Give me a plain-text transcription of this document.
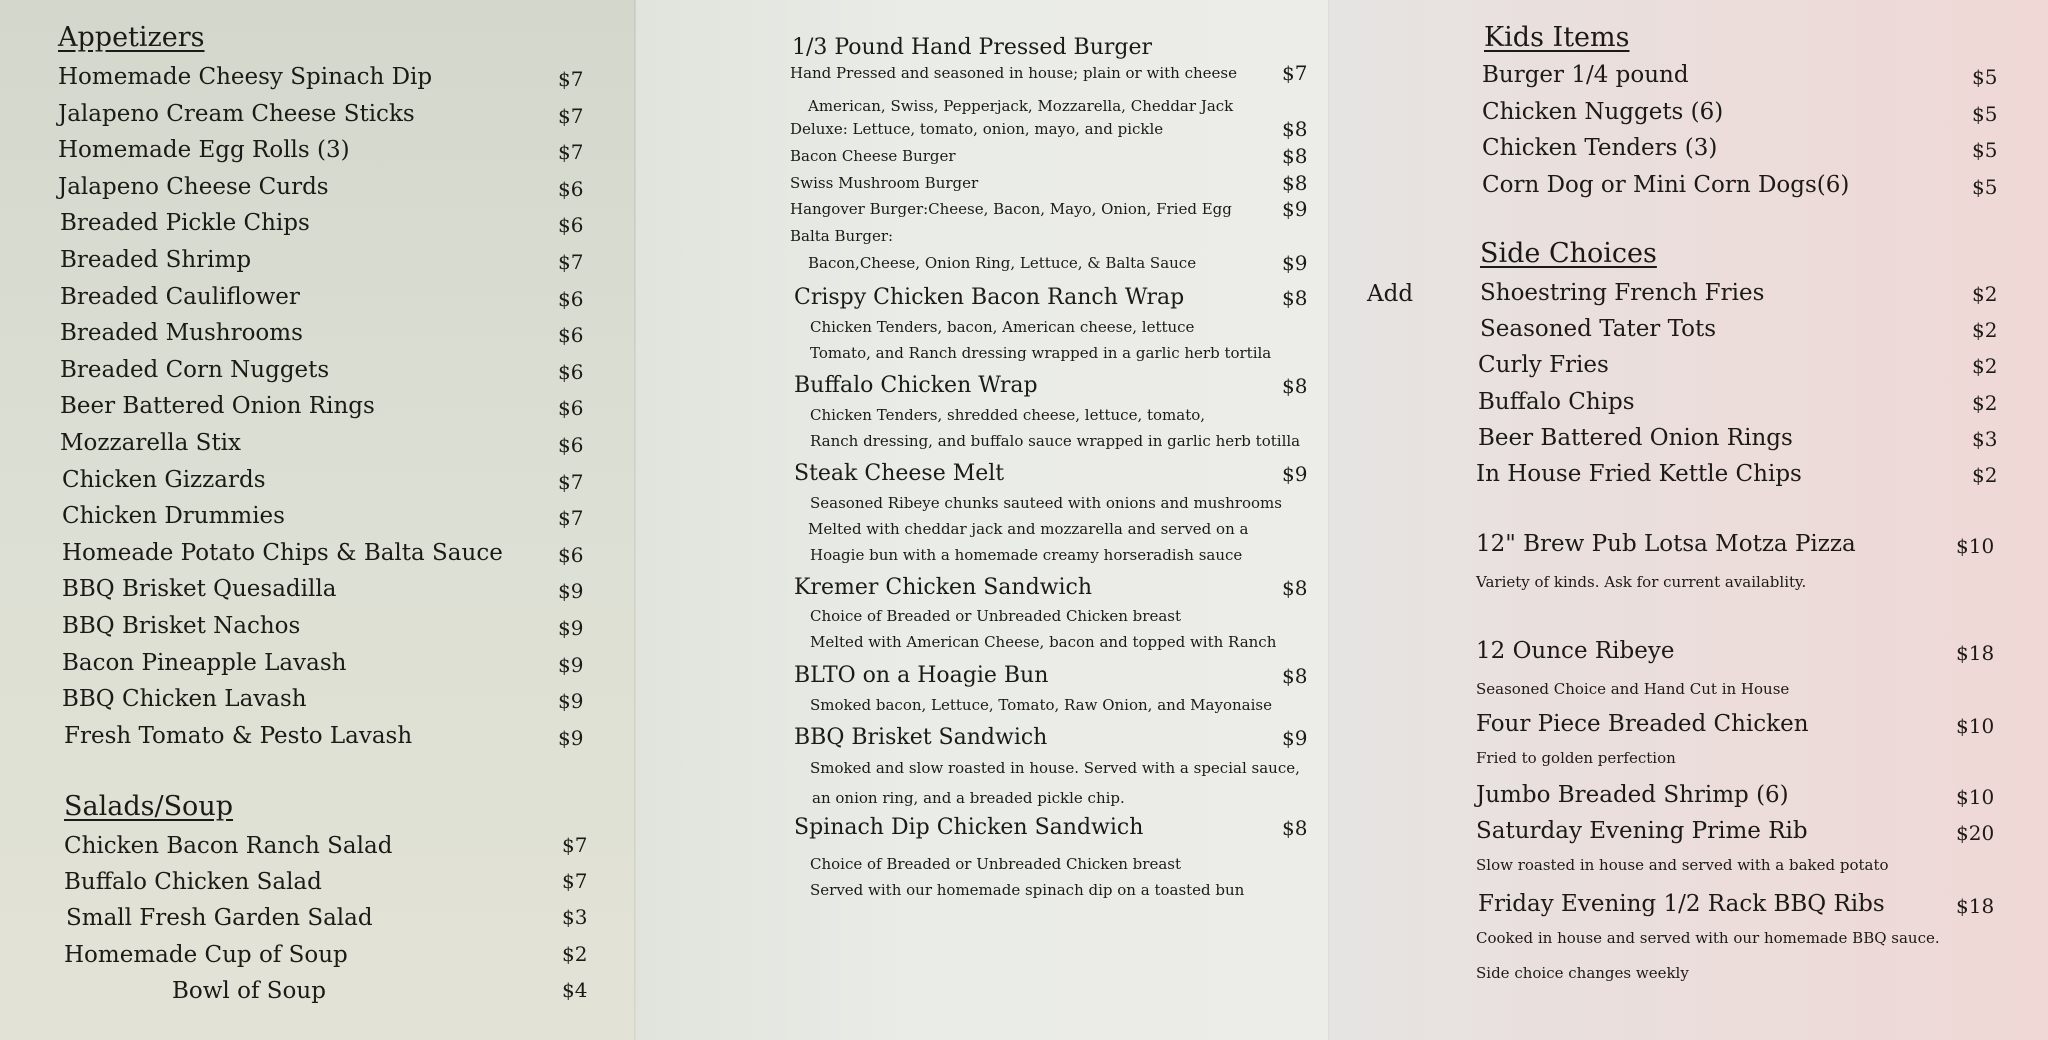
Appetizers
Homemade Cheesy Spinach Dip	$7
Jalapeno Cream Cheese Sticks	$7
Homemade Egg Rolls (3)	$7
Jalapeno Cheese Curds	$6
Breaded Pickle Chips	$6
Breaded Shrimp	$7
Breaded Cauliflower	$6
Breaded Mushrooms	$6
Breaded Corn Nuggets	$6
Beer Battered Onion Rings	$6
Mozzarella Stix	$6
Chicken Gizzards	$7
Chicken Drummies	$7
Homeade Potato Chips & Balta Sauce	$6
BBQ Brisket Quesadilla	$9
BBQ Brisket Nachos	$9
Bacon Pineapple Lavash	$9
BBQ Chicken Lavash	$9
Fresh Tomato & Pesto Lavash	$9
Salads/Soup
Chicken Bacon Ranch Salad	$7
Buffalo Chicken Salad	$7
Small Fresh Garden Salad	$3
Homemade Cup of Soup	$2
Bowl of Soup	$4
1/3 Pound Hand Pressed Burger
Hand Pressed and seasoned in house; plain or with cheese $7
American, Swiss, Pepperjack, Mozzarella, Cheddar Jack
Deluxe: Lettuce, tomato, onion, mayo, and pickle	$8
Bacon Cheese Burger	$8
Swiss Mushroom Burger	$8
Hangover Burger:Cheese, Bacon, Mayo, Onion, Fried Egg	$9
Balta Burger:
Bacon,Cheese, Onion Ring, Lettuce, & Balta Sauce	$9
Crispy Chicken Bacon Ranch Wrap	$8
Chicken Tenders, bacon, American cheese, lettuce
Tomato, and Ranch dressing wrapped in a garlic herb tortila
Buffalo Chicken Wrap	$8
Chicken Tenders, shredded cheese, lettuce, tomato,
Ranch dressing, and buffalo sauce wrapped in garlic herb totilla
Steak Cheese Melt	$9
Seasoned Ribeye chunks sauteed with onions and mushrooms
Melted with cheddar jack and mozzarella and served on a
Hoagie bun with a homemade creamy horseradish sauce
Kremer Chicken Sandwich	$8
Choice of Breaded or Unbreaded Chicken breast
Melted with American Cheese, bacon and topped with Ranch
BLTO on a Hoagie Bun	$8
Smoked bacon, Lettuce, Tomato, Raw Onion, and Mayonaise
BBQ Brisket Sandwich	$9
Smoked and slow roasted in house. Served with a special sauce,
an onion ring, and a breaded pickle chip.
Spinach Dip Chicken Sandwich	$8
Choice of Breaded or Unbreaded Chicken breast
Served with our homemade spinach dip on a toasted bun
Kids Items
Burger 1/4 pound	$5
Chicken Nuggets (6)	$5
Chicken Tenders (3)	$5
Corn Dog or Mini Corn Dogs(6)	$5
Side Choices
Add	Shoestring French Fries	$2
Seasoned Tater Tots	$2
Curly Fries	$2
Buffalo Chips	$2
Beer Battered Onion Rings	$3
In House Fried Kettle Chips	$2
12" Brew Pub Lotsa Motza Pizza	$10
Variety of kinds. Ask for current availablity.
12 Ounce Ribeye	$18
Seasoned Choice and Hand Cut in House
Four Piece Breaded Chicken	$10
Fried to golden perfection
Jumbo Breaded Shrimp (6)	$10
Saturday Evening Prime Rib	$20
Slow roasted in house and served with a baked potato
Friday Evening 1/2 Rack BBQ Ribs	$18
Cooked in house and served with our homemade BBQ sauce.
Side choice changes weekly
